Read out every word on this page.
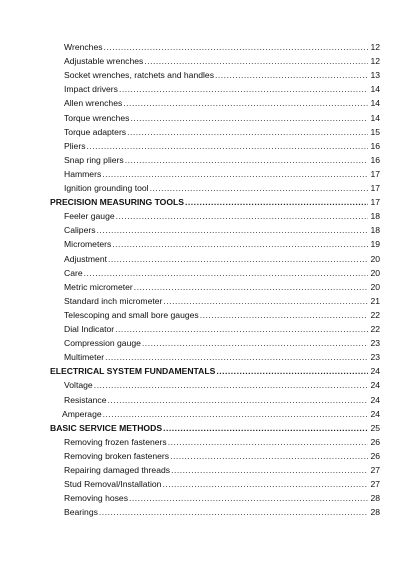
Wrenches .....	12
Adjustable wrenches .....	12
Socket wrenches, ratchets and handles .....	13
Impact drivers .....	14
Allen wrenches .....	14
Torque wrenches .....	14
Torque adapters .....	15
Pliers .....	16
Snap ring pliers .....	16
Hammers .....	17
Ignition grounding tool .....	17
PRECISION MEASURING TOOLS .....	17
Feeler gauge .....	18
Calipers .....	18
Micrometers .....	19
Adjustment .....	20
Care .....	20
Metric micrometer .....	20
Standard inch micrometer .....	21
Telescoping and small bore gauges .....	22
Dial Indicator .....	22
Compression gauge .....	23
Multimeter .....	23
ELECTRICAL SYSTEM FUNDAMENTALS .....	24
Voltage .....	24
Resistance .....	24
Amperage .....	24
BASIC SERVICE METHODS .....	25
Removing frozen fasteners .....	26
Removing broken fasteners .....	26
Repairing damaged threads .....	27
Stud Removal/Installation .....	27
Removing hoses .....	28
Bearings .....	28
